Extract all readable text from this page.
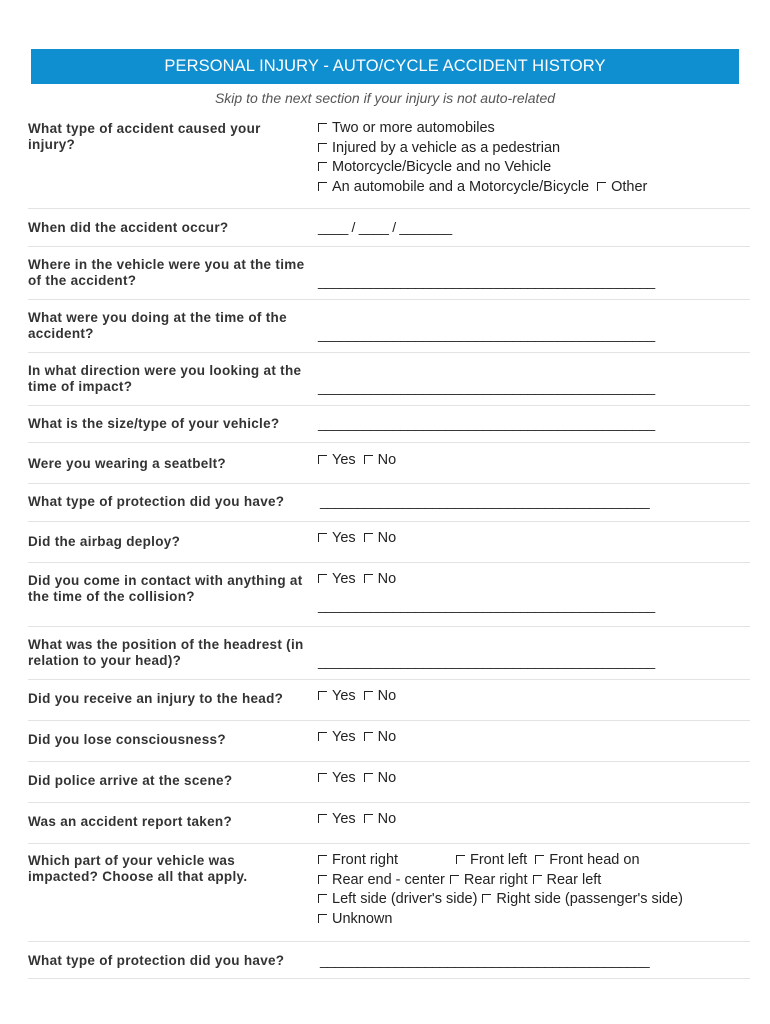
PERSONAL INJURY - AUTO/CYCLE ACCIDENT HISTORY
Skip to the next section if your injury is not auto-related
What type of accident caused your injury?
Two or more automobiles
Injured by a vehicle as a pedestrian
Motorcycle/Bicycle and no Vehicle
An automobile and a Motorcycle/Bicycle Other
When did the accident occur?	____ / ____ / _______
Where in the vehicle were you at the time of the accident?	_____________________________________________
What were you doing at the time of the accident?	_____________________________________________
In what direction were you looking at the time of impact?	_____________________________________________
What is the size/type of your vehicle?	_____________________________________________
Were you wearing a seatbelt?	Yes No
What type of protection did you have?	____________________________________________
Did the airbag deploy?	Yes No
Did you come in contact with anything at the time of the collision?
Yes No
_____________________________________________
What was the position of the headrest (in relation to your head)?	_____________________________________________
Did you receive an injury to the head?	Yes No
Did you lose consciousness?	Yes No
Did police arrive at the scene?	Yes No
Was an accident report taken?	Yes No
Which part of your vehicle was impacted? Choose all that apply.
Front right	Front left Front head on
Rear end - center Rear right Rear left
Left side (driver's side) Right side (passenger's side)
Unknown
What type of protection did you have?	____________________________________________
